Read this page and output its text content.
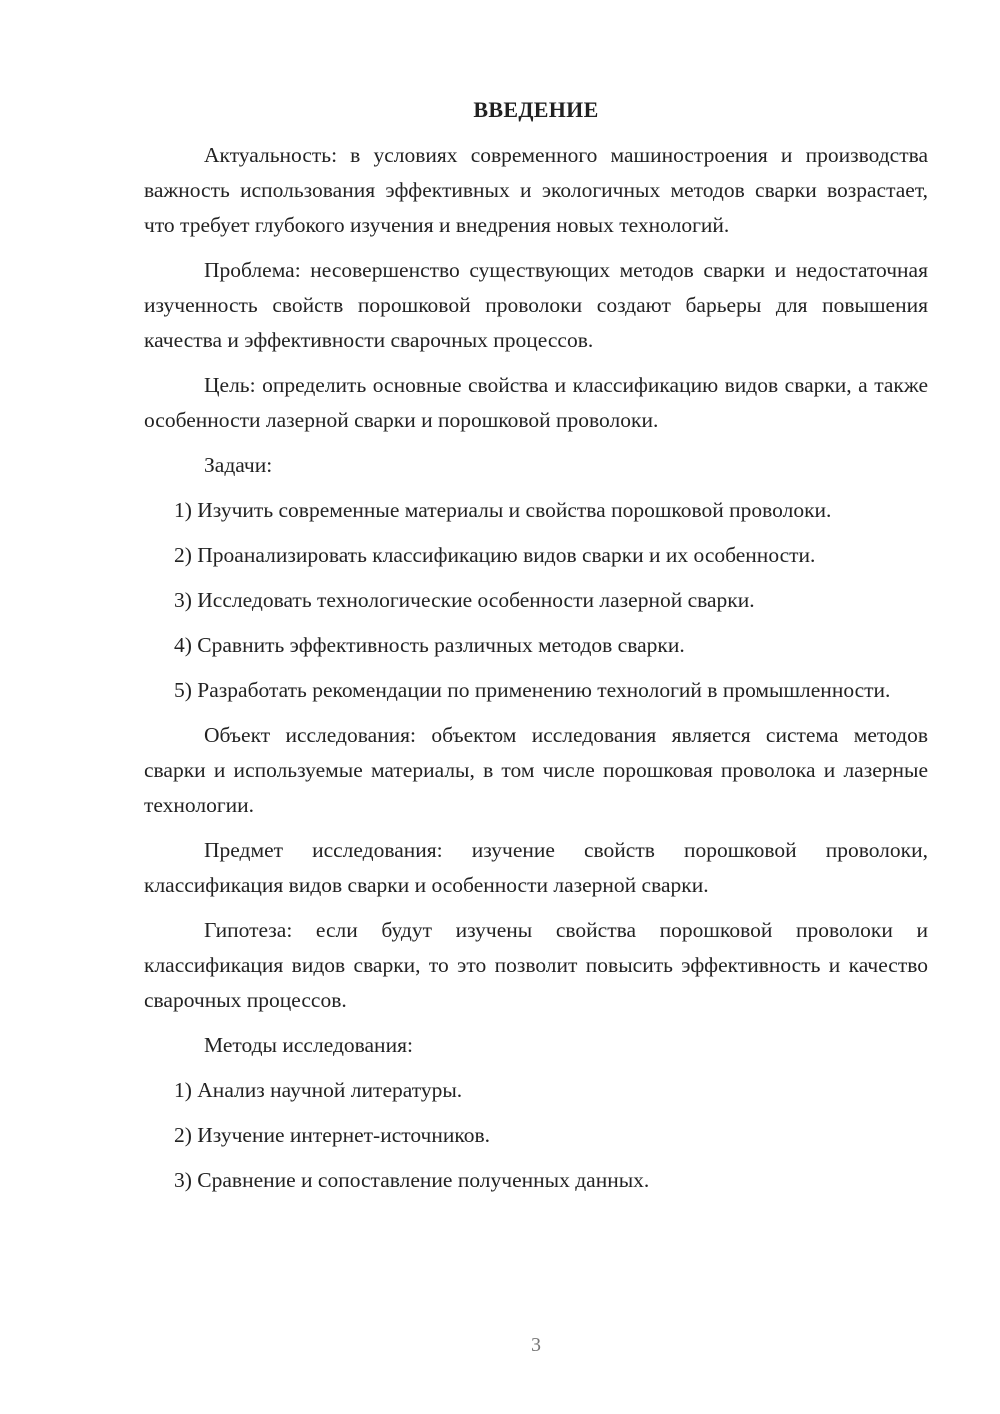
ВВЕДЕНИЕ

Актуальность: в условиях современного машиностроения и производства важность использования эффективных и экологичных методов сварки возрастает, что требует глубокого изучения и внедрения новых технологий.

Проблема: несовершенство существующих методов сварки и недостаточная изученность свойств порошковой проволоки создают барьеры для повышения качества и эффективности сварочных процессов.

Цель: определить основные свойства и классификацию видов сварки, а также особенности лазерной сварки и порошковой проволоки.

Задачи:

1) Изучить современные материалы и свойства порошковой проволоки.

2) Проанализировать классификацию видов сварки и их особенности.

3) Исследовать технологические особенности лазерной сварки.

4) Сравнить эффективность различных методов сварки.

5) Разработать рекомендации по применению технологий в промышленности.

Объект исследования: объектом исследования является система методов сварки и используемые материалы, в том числе порошковая проволока и лазерные технологии.

Предмет исследования: изучение свойств порошковой проволоки, классификация видов сварки и особенности лазерной сварки.

Гипотеза: если будут изучены свойства порошковой проволоки и классификация видов сварки, то это позволит повысить эффективность и качество сварочных процессов.

Методы исследования:

1) Анализ научной литературы.

2) Изучение интернет-источников.

3) Сравнение и сопоставление полученных данных.

3
